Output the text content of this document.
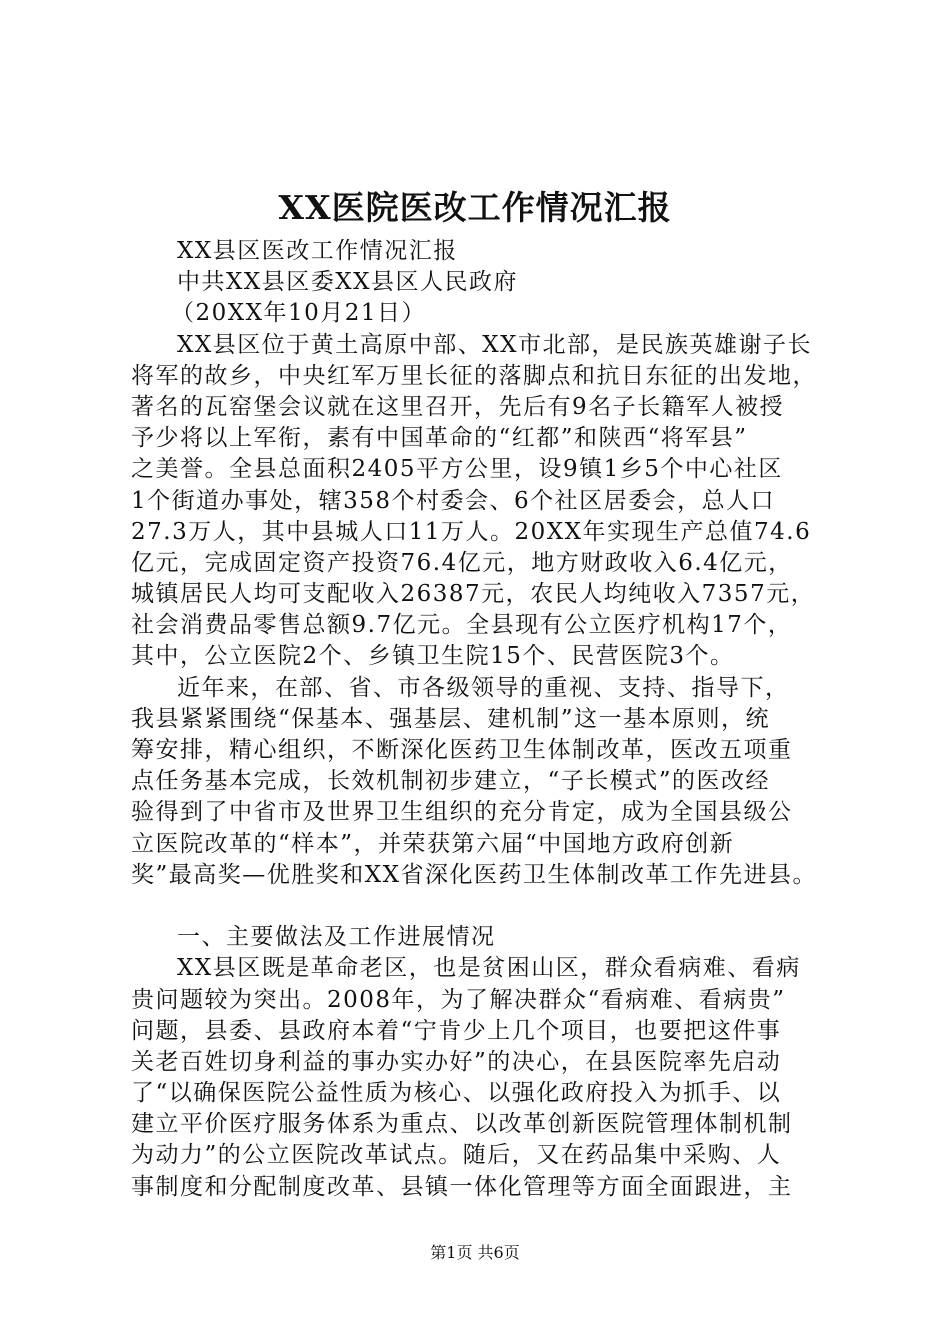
XX医院医改工作情况汇报
XX县区医改工作情况汇报
中共XX县区委XX县区人民政府
（20XX年10月21日）
XX县区位于黄土高原中部、XX市北部，是民族英雄谢子长
将军的故乡，中央红军万里长征的落脚点和抗日东征的出发地，
著名的瓦窑堡会议就在这里召开，先后有9名子长籍军人被授
予少将以上军衔，素有中国革命的“红都”和陕西“将军县”
之美誉。全县总面积2405平方公里，设9镇1乡5个中心社区
1个街道办事处，辖358个村委会、6个社区居委会，总人口
27.3万人，其中县城人口11万人。20XX年实现生产总值74.6
亿元，完成固定资产投资76.4亿元，地方财政收入6.4亿元，
城镇居民人均可支配收入26387元，农民人均纯收入7357元，
社会消费品零售总额9.7亿元。全县现有公立医疗机构17个，
其中，公立医院2个、乡镇卫生院15个、民营医院3个。
近年来，在部、省、市各级领导的重视、支持、指导下，
我县紧紧围绕“保基本、强基层、建机制”这一基本原则，统
筹安排，精心组织，不断深化医药卫生体制改革，医改五项重
点任务基本完成，长效机制初步建立，“子长模式”的医改经
验得到了中省市及世界卫生组织的充分肯定，成为全国县级公
立医院改革的“样本”，并荣获第六届“中国地方政府创新
奖”最高奖—优胜奖和XX省深化医药卫生体制改革工作先进县。
一、主要做法及工作进展情况
XX县区既是革命老区，也是贫困山区，群众看病难、看病
贵问题较为突出。2008年，为了解决群众“看病难、看病贵”
问题，县委、县政府本着“宁肯少上几个项目，也要把这件事
关老百姓切身利益的事办实办好”的决心，在县医院率先启动
了“以确保医院公益性质为核心、以强化政府投入为抓手、以
建立平价医疗服务体系为重点、以改革创新医院管理体制机制
为动力”的公立医院改革试点。随后，又在药品集中采购、人
事制度和分配制度改革、县镇一体化管理等方面全面跟进，主
第1页 共6页
